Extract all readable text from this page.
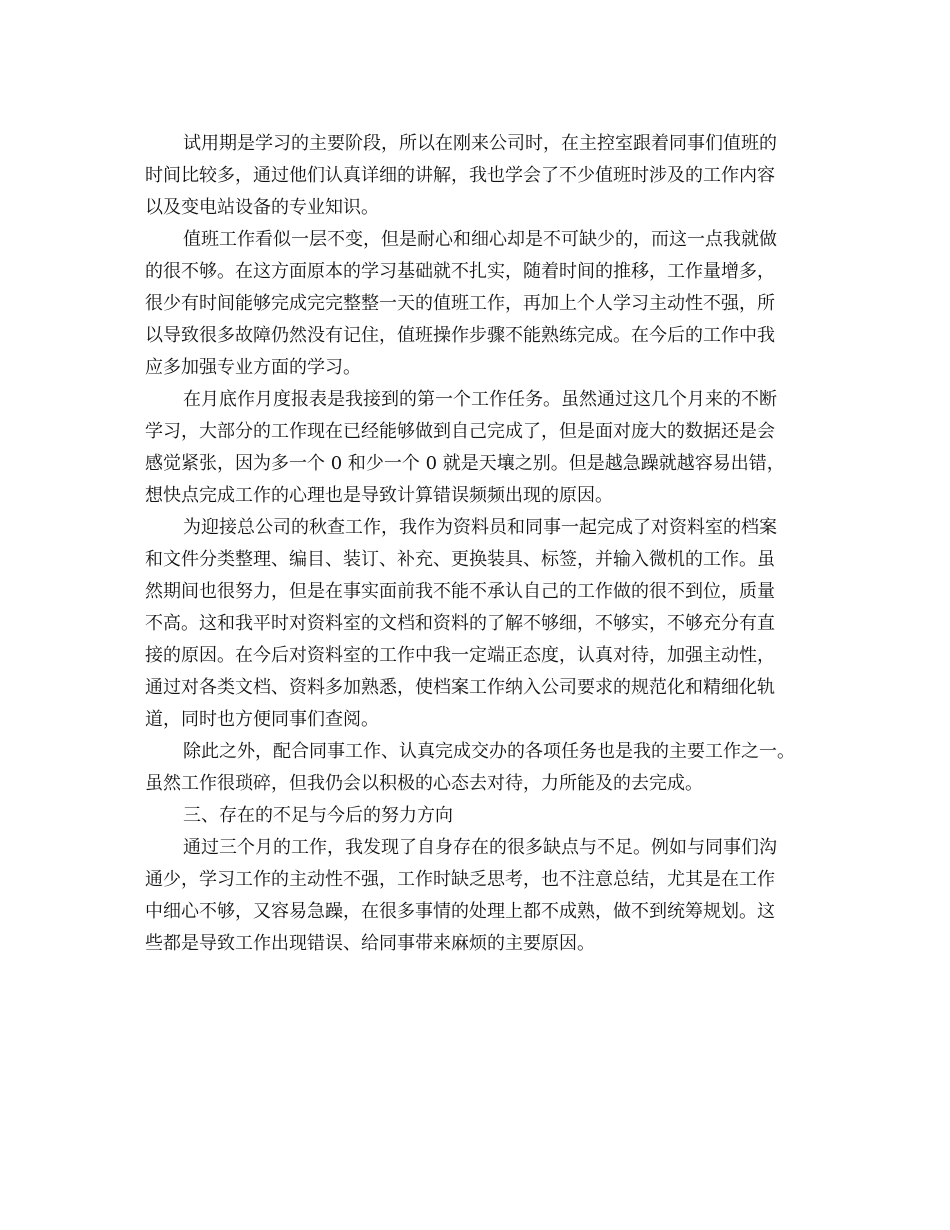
试用期是学习的主要阶段，所以在刚来公司时，在主控室跟着同事们值班的
时间比较多，通过他们认真详细的讲解，我也学会了不少值班时涉及的工作内容
以及变电站设备的专业知识。
值班工作看似一层不变，但是耐心和细心却是不可缺少的，而这一点我就做
的很不够。在这方面原本的学习基础就不扎实，随着时间的推移，工作量增多，
很少有时间能够完成完完整整一天的值班工作，再加上个人学习主动性不强，所
以导致很多故障仍然没有记住，值班操作步骤不能熟练完成。在今后的工作中我
应多加强专业方面的学习。
在月底作月度报表是我接到的第一个工作任务。虽然通过这几个月来的不断
学习，大部分的工作现在已经能够做到自己完成了，但是面对庞大的数据还是会
感觉紧张，因为多一个 0 和少一个 0 就是天壤之别。但是越急躁就越容易出错，
想快点完成工作的心理也是导致计算错误频频出现的原因。
为迎接总公司的秋查工作，我作为资料员和同事一起完成了对资料室的档案
和文件分类整理、编目、装订、补充、更换装具、标签，并输入微机的工作。虽
然期间也很努力，但是在事实面前我不能不承认自己的工作做的很不到位，质量
不高。这和我平时对资料室的文档和资料的了解不够细，不够实，不够充分有直
接的原因。在今后对资料室的工作中我一定端正态度，认真对待，加强主动性，
通过对各类文档、资料多加熟悉，使档案工作纳入公司要求的规范化和精细化轨
道，同时也方便同事们查阅。
除此之外，配合同事工作、认真完成交办的各项任务也是我的主要工作之一。
虽然工作很琐碎，但我仍会以积极的心态去对待，力所能及的去完成。
三、存在的不足与今后的努力方向
通过三个月的工作，我发现了自身存在的很多缺点与不足。例如与同事们沟
通少，学习工作的主动性不强，工作时缺乏思考，也不注意总结，尤其是在工作
中细心不够，又容易急躁，在很多事情的处理上都不成熟，做不到统筹规划。这
些都是导致工作出现错误、给同事带来麻烦的主要原因。
